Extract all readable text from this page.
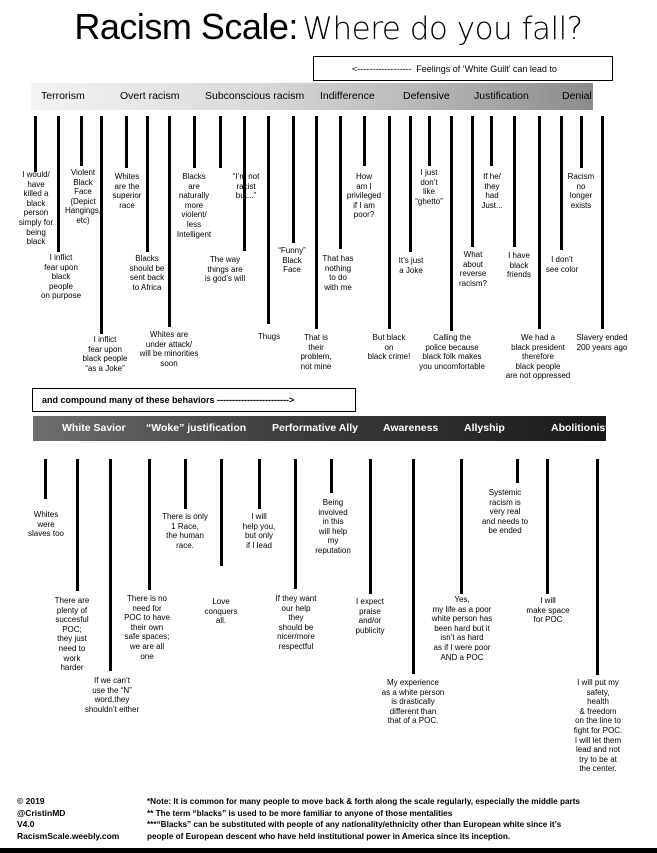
Racism Scale: Where do you fall?
<------------------  Feelings of ‘White Guilt’ can lead to
Terrorism	Overt racism Subconscious racism Indifference	Defensive Justification	Denial
I would/
have
killed a
black
person
simply for
being
black
I inflict
fear upon
black
people
on purpose
Violent
Black
Face
(Depict
Hangings,
etc)
I inflict
fear upon
black people
“as a Joke”
Whites
are the
superior
race
Blacks
should be
sent back
to Africa
Whites are
under attack/
will be minorities
soon
Blacks
are
naturally
more
violent/
less
Intelligent
“I’m not
racist
but...”
The way
things are
is god’s will
Thugs
“Funny”
Black
Face
That is
their
problem,
not mine
That has
nothing
to do
with me
How
am I
privileged
if I am
poor?
But black
on
black crime!
It’s just
a Joke
I just
don’t
like
“ghetto”
Calling the
police because
black folk makes
you uncomfortable
What
about
reverse
racism?
If he/
they
had
Just...
I have
black
friends
We had a
black president
therefore
black people
are not oppressed
Racism
no
longer
exists
I don’t
see color
Slavery ended
200 years ago
and compound many of these behaviors ------------------------>
White Savior “Woke” justification Performative Ally Awareness Allyship	Abolitionist
Whites
were
slaves too
There are
plenty of
succesful
POC;
they just
need to
work
harder
If we can’t
use the “N”
word,they
shouldn’t either
There is no
need for
POC to have
their own
safe spaces;
we are all
one
There is only
1 Race,
the human
race.
Love
conquers
all.
I will
help you,
but only
if I lead
If they want
our help
they
should be
nicer/more
respectful
Being
involved
in this
will help
my
reputation
I expect
praise
and/or
publicity
My experience
as a white person
is drastically
different than
that of a POC.
Yes,
my life as a poor
white person has
been hard but it
isn’t as hard
as if I were poor
AND a POC
Systemic
racism is
very real
and needs to
be ended
I will
make space
for POC
I will put my
safety,
health
& freedom
on the line to
fight for POC.
I will let them
lead and not
try to be at
the center.
© 2019
@CristinMD
V4.0
RacismScale.weebly.com
*Note: It is common for many people to move back & forth along the scale regularly, especially the middle parts
** The term “blacks” is used to be more familiar to anyone of those mentalities
***“Blacks” can be substituted with people of any nationality/ethnicity other than European white since it’s
people of European descent who have held institutional power in America since its inception.
